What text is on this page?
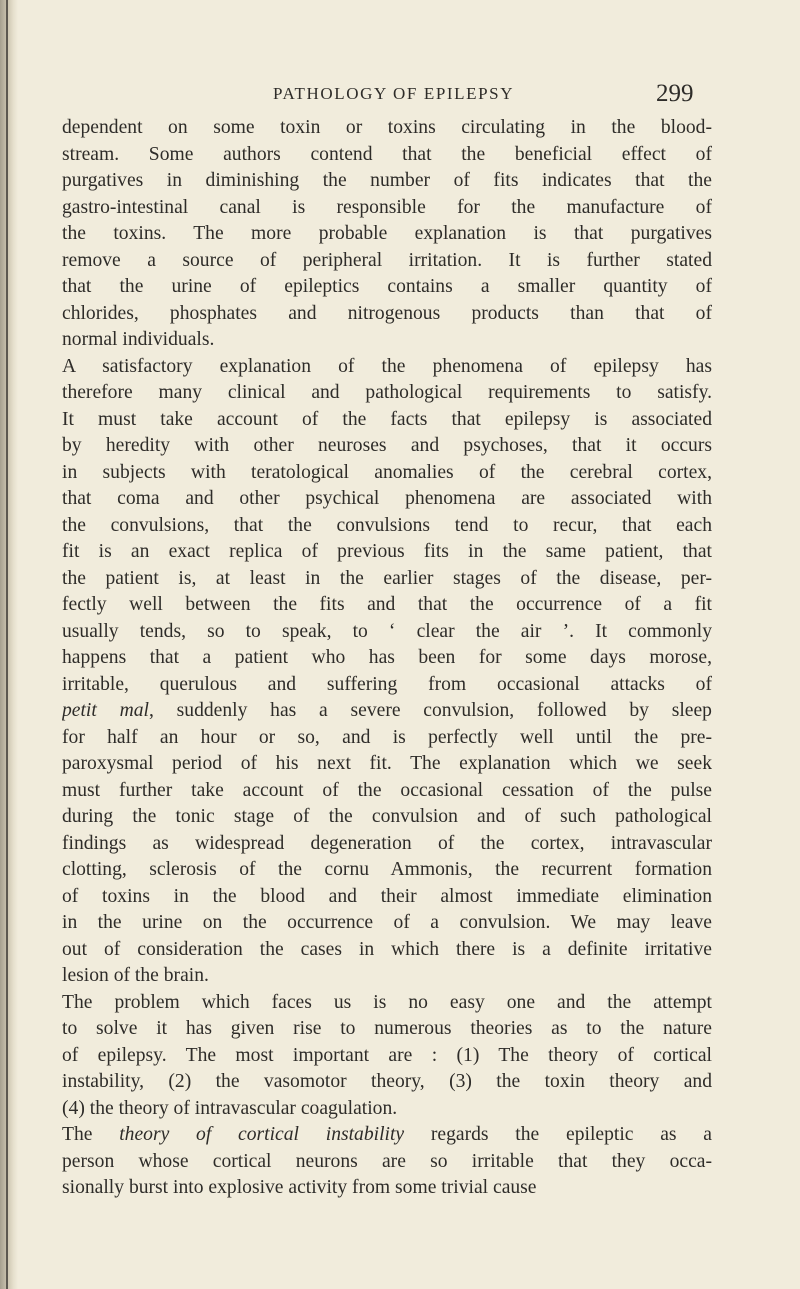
PATHOLOGY OF EPILEPSY	299
dependent on some toxin or toxins circulating in the blood-
stream. Some authors contend that the beneficial effect of
purgatives in diminishing the number of fits indicates that the
gastro-intestinal canal is responsible for the manufacture of
the toxins. The more probable explanation is that purgatives
remove a source of peripheral irritation. It is further stated
that the urine of epileptics contains a smaller quantity of
chlorides, phosphates and nitrogenous products than that of
normal individuals.
A satisfactory explanation of the phenomena of epilepsy has
therefore many clinical and pathological requirements to satisfy.
It must take account of the facts that epilepsy is associated
by heredity with other neuroses and psychoses, that it occurs
in subjects with teratological anomalies of the cerebral cortex,
that coma and other psychical phenomena are associated with
the convulsions, that the convulsions tend to recur, that each
fit is an exact replica of previous fits in the same patient, that
the patient is, at least in the earlier stages of the disease, per-
fectly well between the fits and that the occurrence of a fit
usually tends, so to speak, to ‘ clear the air ’. It commonly
happens that a patient who has been for some days morose,
irritable, querulous and suffering from occasional attacks of
petit mal, suddenly has a severe convulsion, followed by sleep
for half an hour or so, and is perfectly well until the pre-
paroxysmal period of his next fit. The explanation which we seek
must further take account of the occasional cessation of the pulse
during the tonic stage of the convulsion and of such pathological
findings as widespread degeneration of the cortex, intravascular
clotting, sclerosis of the cornu Ammonis, the recurrent formation
of toxins in the blood and their almost immediate elimination
in the urine on the occurrence of a convulsion. We may leave
out of consideration the cases in which there is a definite irritative
lesion of the brain.
The problem which faces us is no easy one and the attempt
to solve it has given rise to numerous theories as to the nature
of epilepsy. The most important are : (1) The theory of cortical
instability, (2) the vasomotor theory, (3) the toxin theory and
(4) the theory of intravascular coagulation.
The theory of cortical instability regards the epileptic as a
person whose cortical neurons are so irritable that they occa-
sionally burst into explosive activity from some trivial cause
